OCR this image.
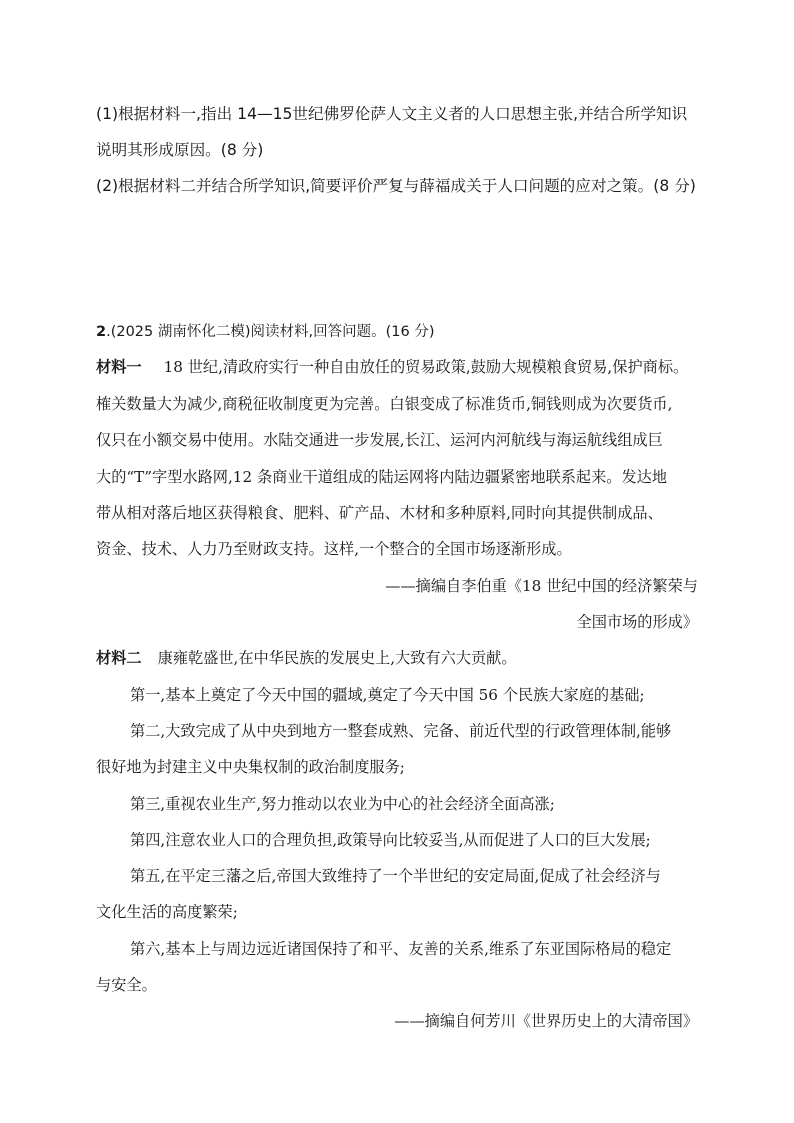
(1)根据材料一,指出 14—15世纪佛罗伦萨人文主义者的人口思想主张,并结合所学知识
说明其形成原因。(8 分)
(2)根据材料二并结合所学知识,简要评价严复与薛福成关于人口问题的应对之策。(8 分)
2.(2025 湖南怀化二模)阅读材料,回答问题。(16 分)
材料一 18 世纪,清政府实行一种自由放任的贸易政策,鼓励大规模粮食贸易,保护商标。
榷关数量大为减少,商税征收制度更为完善。白银变成了标准货币,铜钱则成为次要货币,
仅只在小额交易中使用。水陆交通进一步发展,长江、运河内河航线与海运航线组成巨
大的“T”字型水路网,12 条商业干道组成的陆运网将内陆边疆紧密地联系起来。发达地
带从相对落后地区获得粮食、肥料、矿产品、木材和多种原料,同时向其提供制成品、
资金、技术、人力乃至财政支持。这样,一个整合的全国市场逐渐形成。
——摘编自李伯重《18 世纪中国的经济繁荣与
全国市场的形成》
材料二 康雍乾盛世,在中华民族的发展史上,大致有六大贡献。
第一,基本上奠定了今天中国的疆域,奠定了今天中国 56 个民族大家庭的基础;
第二,大致完成了从中央到地方一整套成熟、完备、前近代型的行政管理体制,能够
很好地为封建主义中央集权制的政治制度服务;
第三,重视农业生产,努力推动以农业为中心的社会经济全面高涨;
第四,注意农业人口的合理负担,政策导向比较妥当,从而促进了人口的巨大发展;
第五,在平定三藩之后,帝国大致维持了一个半世纪的安定局面,促成了社会经济与
文化生活的高度繁荣;
第六,基本上与周边远近诸国保持了和平、友善的关系,维系了东亚国际格局的稳定
与安全。
——摘编自何芳川《世界历史上的大清帝国》
